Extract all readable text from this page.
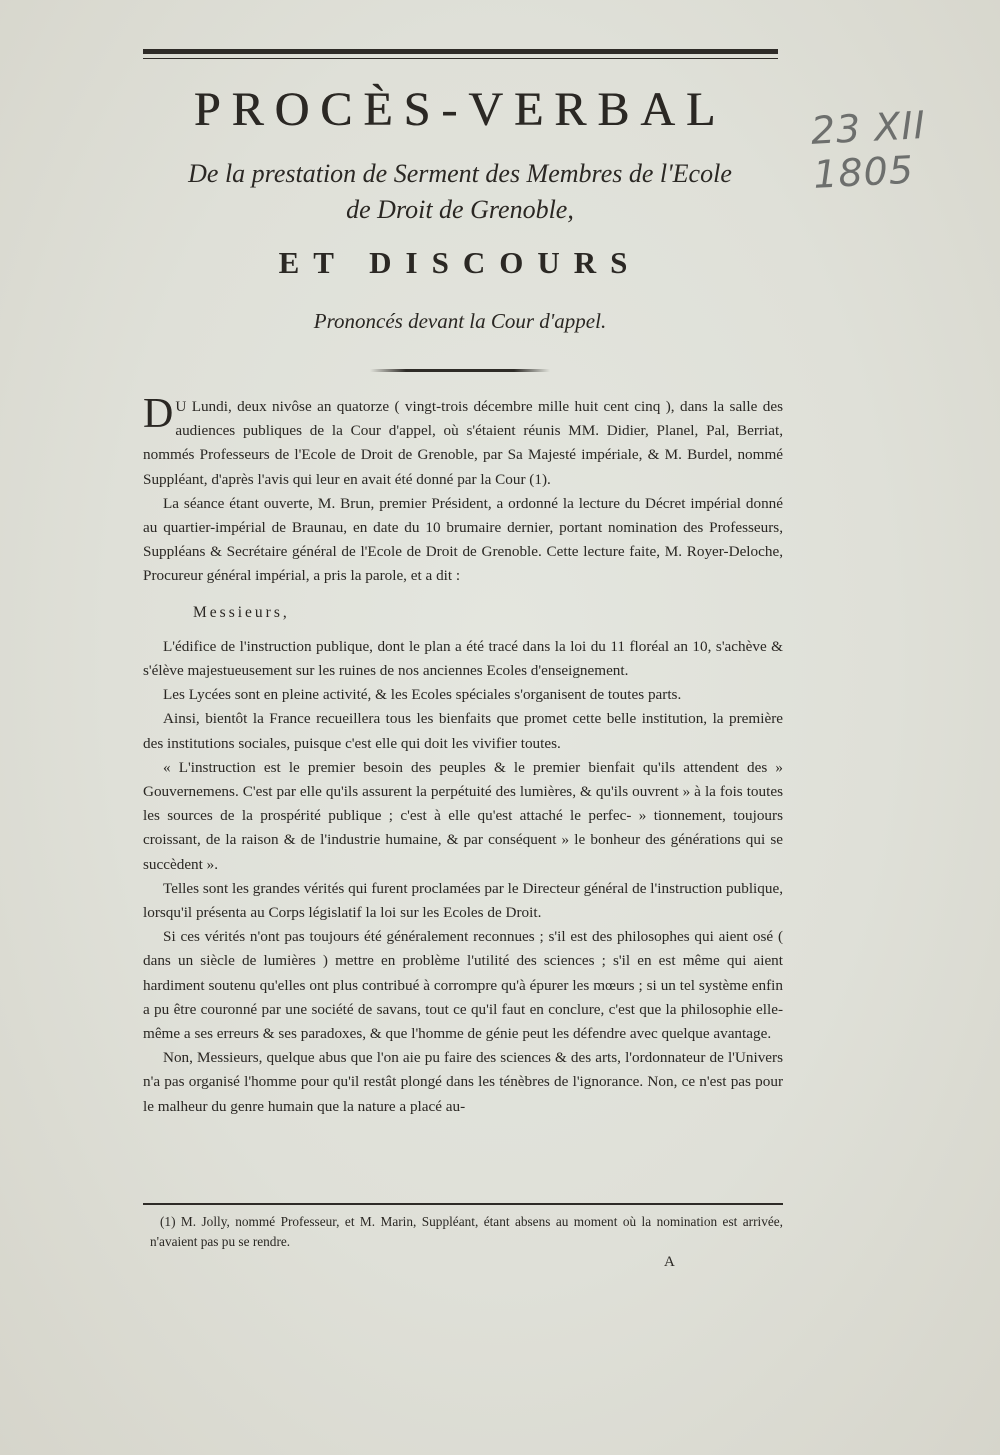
PROCÈS-VERBAL	23 XII 1805
De la prestation de Serment des Membres de l'Ecole
de Droit de Grenoble,
ET DISCOURS
Prononcés devant la Cour d'appel.

D U Lundi, deux nivôse an quatorze ( vingt-trois décembre mille huit cent cinq ), dans la salle des audiences publiques de la Cour d'appel, où s'étaient réunis MM. Didier, Planel, Pal, Berriat, nommés Professeurs de l'Ecole de Droit de Grenoble, par Sa Majesté impériale, & M. Burdel, nommé Suppléant, d'après l'avis qui leur en avait été donné par la Cour (1).

La séance étant ouverte, M. Brun, premier Président, a ordonné la lecture du Décret impérial donné au quartier-impérial de Braunau, en date du 10 brumaire dernier, portant nomination des Professeurs, Suppléans & Secrétaire général de l'Ecole de Droit de Grenoble. Cette lecture faite, M. Royer-Deloche, Procureur général impérial, a pris la parole, et a dit :

Messieurs,

L'édifice de l'instruction publique, dont le plan a été tracé dans la loi du 11 floréal an 10, s'achève & s'élève majestueusement sur les ruines de nos anciennes Ecoles d'enseignement.

Les Lycées sont en pleine activité, & les Ecoles spéciales s'organisent de toutes parts.

Ainsi, bientôt la France recueillera tous les bienfaits que promet cette belle institution, la première des institutions sociales, puisque c'est elle qui doit les vivifier toutes.

« L'instruction est le premier besoin des peuples & le premier bienfait qu'ils attendent des » Gouvernemens. C'est par elle qu'ils assurent la perpétuité des lumières, & qu'ils ouvrent » à la fois toutes les sources de la prospérité publique ; c'est à elle qu'est attaché le perfec- » tionnement, toujours croissant, de la raison & de l'industrie humaine, & par conséquent » le bonheur des générations qui se succèdent ».

Telles sont les grandes vérités qui furent proclamées par le Directeur général de l'instruction publique, lorsqu'il présenta au Corps législatif la loi sur les Ecoles de Droit.

Si ces vérités n'ont pas toujours été généralement reconnues ; s'il est des philosophes qui aient osé ( dans un siècle de lumières ) mettre en problème l'utilité des sciences ; s'il en est même qui aient hardiment soutenu qu'elles ont plus contribué à corrompre qu'à épurer les mœurs ; si un tel système enfin a pu être couronné par une société de savans, tout ce qu'il faut en conclure, c'est que la philosophie elle-même a ses erreurs & ses paradoxes, & que l'homme de génie peut les défendre avec quelque avantage.

Non, Messieurs, quelque abus que l'on aie pu faire des sciences & des arts, l'ordonnateur de l'Univers n'a pas organisé l'homme pour qu'il restât plongé dans les ténèbres de l'ignorance. Non, ce n'est pas pour le malheur du genre humain que la nature a placé au-

(1) M. Jolly, nommé Professeur, et M. Marin, Suppléant, étant absens au moment où la nomination est arrivée, n'avaient pas pu se rendre.

A
